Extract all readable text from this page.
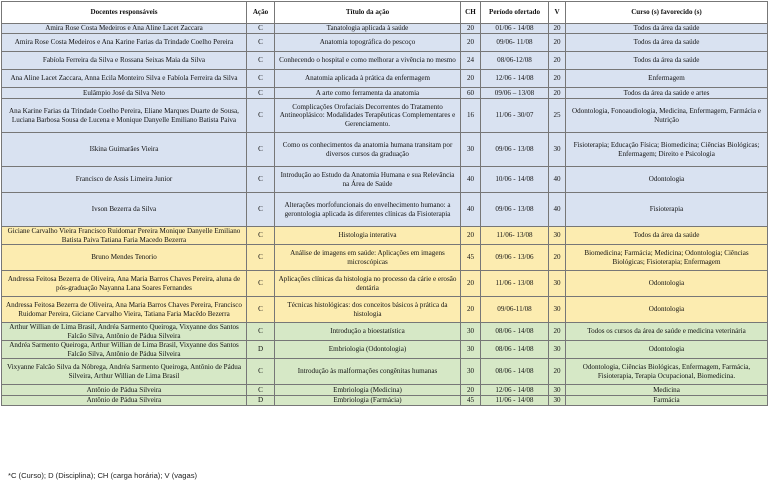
Docentes responsáveis	Ação	Título da ação	CH	Período ofertado	V	Curso (s) favorecido (s)
Amira Rose Costa Medeiros e Ana Aline Lacet Zaccara	C	Tanatologia aplicada à saúde	20	01/06 - 14/08	20	Todos da área da saúde
Amira Rose Costa Medeiros e Ana Karine Farias da Trindade Coelho Pereira	C	Anatomia topográfica do pescoço	20	09/06- 11/08	20	Todos da área da saúde
Fabíola Ferreira da Silva e Rossana Seixas Maia da Silva	C	Conhecendo o hospital e como melhorar a vivência no mesmo	24	08/06-12/08	20	Todos da área da saúde
Ana Aline Lacet Zaccara, Anna Ecila Monteiro Silva e Fabíola Ferreira da Silva	C	Anatomia aplicada à prática da enfermagem	20	12/06 - 14/08	20	Enfermagem
Eulâmpio José da Silva Neto	C	A arte como ferramenta da anatomia	60	09/06 – 13/08	20	Todos da área da saúde e artes
Ana Karine Farias da Trindade Coelho Pereira, Eliane Marques Duarte de Sousa, Luciana Barbosa Sousa de Lucena e Monique Danyelle Emiliano Batista Paiva	C	Complicações Orofaciais Decorrentes do Tratamento Antineoplásico: Modalidades Terapêuticas Complementares e Gerenciamento.	16	11/06 - 30/07	25	Odontologia, Fonoaudiologia, Medicina, Enfermagem, Farmácia e Nutrição
Iškina Guimarães Vieira	C	Como os conhecimentos da anatomia humana transitam por diversos cursos da graduação	30	09/06 - 13/08	30	Fisioterapia; Educação Física; Biomedicina; Ciências Biológicas; Enfermagem; Direito e Psicologia
Francisco de Assis Limeira Junior	C	Introdução ao Estudo da Anatomia Humana e sua Relevância na Área de Saúde	40	10/06 - 14/08	40	Odontologia
Ivson Bezerra da Silva	C	Alterações morfofuncionais do envelhecimento humano: a gerontologia aplicada às diferentes clínicas da Fisioterapia	40	09/06 - 13/08	40	Fisioterapia
Giciane Carvalho Vieira Francisco Ruidomar Pereira Monique Danyelle Emiliano Batista Paiva Tatiana Faria Macedo Bezerra	C	Histologia interativa	20	11/06- 13/08	30	Todos da área da saúde
Bruno Mendes Tenorio	C	Análise de imagens em saúde: Aplicações em imagens microscópicas	45	09/06 - 13/06	20	Biomedicina; Farmácia; Medicina; Odontologia; Ciências Biológicas; Fisioterapia; Enfermagem
Andressa Feitosa Bezerra de Oliveira, Ana Maria Barros Chaves Pereira, aluna de pós-graduação Nayanna Lana Soares Fernandes	C	Aplicações clínicas da histologia no processo da cárie e erosão dentária	20	11/06 - 13/08	30	Odontologia
Andressa Feitosa Bezerra de Oliveira, Ana Maria Barros Chaves Pereira, Francisco Ruidomar Pereira, Giciane Carvalho Vieira, Tatiana Faria Macêdo Bezerra	C	Técnicas histológicas: dos conceitos básicos à prática da histologia	20	09/06-11/08	30	Odontologia
Arthur Willian de Lima Brasil, Andréa Sarmento Queiroga, Vixyanne dos Santos Falcão Silva, Antônio de Pádua Silveira	C	Introdução a bioestatística	30	08/06 - 14/08	20	Todos os cursos da área de saúde e medicina veterinária
Andréa Sarmento Queiroga, Arthur Willian de Lima Brasil, Vixyanne dos Santos Falcão Silva, Antônio de Pádua Silveira	D	Embriologia (Odontologia)	30	08/06 - 14/08	30	Odontologia
Vixyanne Falcão Silva da Nóbrega, Andréa Sarmento Queiroga, Antônio de Pádua Silveira, Arthur Willian de Lima Brasil	C	Introdução às malformações congênitas humanas	30	08/06 - 14/08	20	Odontologia, Ciências Biológicas, Enfermagem, Farmácia, Fisioterapia, Terapia Ocupacional, Biomedicina.
Antônio de Pádua Silveira	C	Embriologia (Medicina)	20	12/06 - 14/08	30	Medicina
Antônio de Pádua Silveira	D	Embriologia (Farmácia)	45	11/06 - 14/08	30	Farmácia
*C (Curso); D (Disciplina); CH (carga horária); V (vagas)
